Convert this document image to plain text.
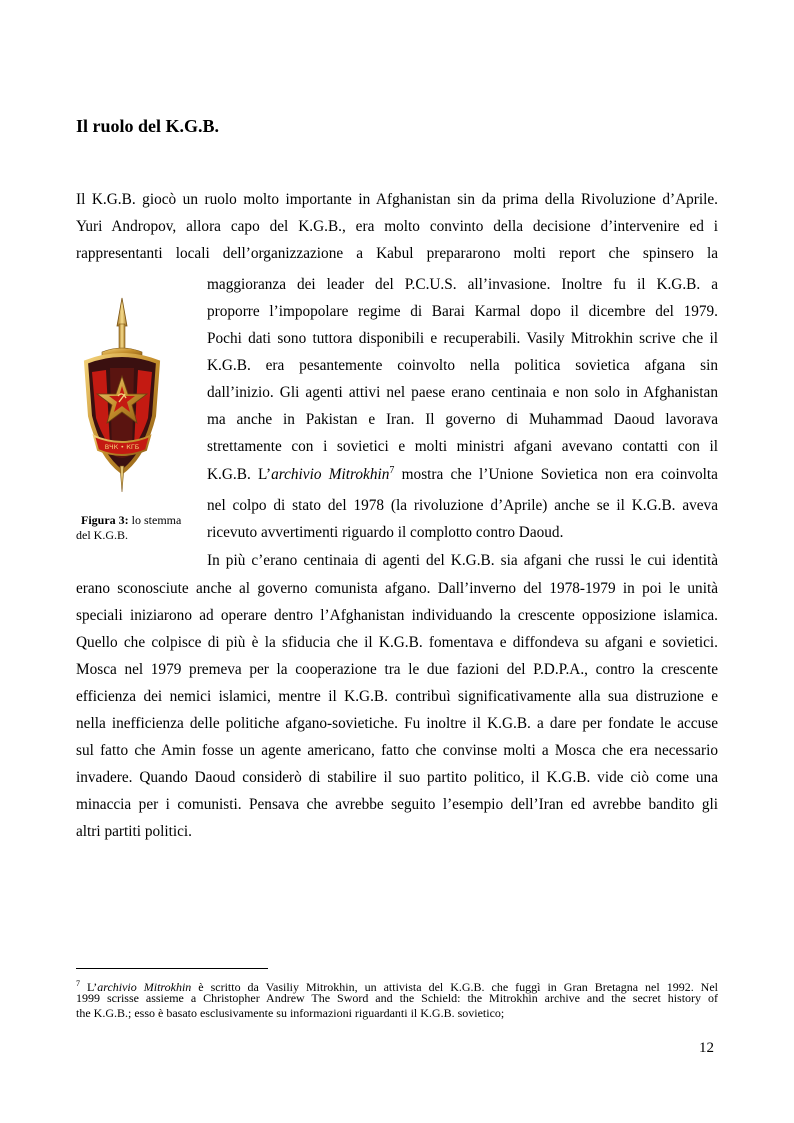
Il ruolo del K.G.B.
Il K.G.B. giocò un ruolo molto importante in Afghanistan sin da prima della Rivoluzione d’Aprile.
Yuri Andropov, allora capo del K.G.B., era molto convinto della decisione d’intervenire ed i
rappresentanti locali dell’organizzazione a Kabul prepararono molti report che spinsero la
maggioranza dei leader del P.C.U.S. all’invasione. Inoltre fu il K.G.B. a
proporre l’impopolare regime di Barai Karmal dopo il dicembre del 1979.
Pochi dati sono tuttora disponibili e recuperabili. Vasily Mitrokhin scrive che il
K.G.B. era pesantemente coinvolto nella politica sovietica afgana sin
dall’inizio. Gli agenti attivi nel paese erano centinaia e non solo in Afghanistan
ma anche in Pakistan e Iran. Il governo di Muhammad Daoud lavorava
strettamente con i sovietici e molti ministri afgani avevano contatti con il
K.G.B. L’archivio Mitrokhin$^7$ mostra che l’Unione Sovietica non era coinvolta
nel colpo di stato del 1978 (la rivoluzione d’Aprile) anche se il K.G.B. aveva
ricevuto avvertimenti riguardo il complotto contro Daoud.
ВЧК • КГБ
Figura 3: lo stemma
del K.G.B.
In più c’erano centinaia di agenti del K.G.B. sia afgani che russi le cui identità
erano sconosciute anche al governo comunista afgano. Dall’inverno del 1978-1979 in poi le unità
speciali iniziarono ad operare dentro l’Afghanistan individuando la crescente opposizione islamica.
Quello che colpisce di più è la sfiducia che il K.G.B. fomentava e diffondeva su afgani e sovietici.
Mosca nel 1979 premeva per la cooperazione tra le due fazioni del P.D.P.A., contro la crescente
efficienza dei nemici islamici, mentre il K.G.B. contribuì significativamente alla sua distruzione e
nella inefficienza delle politiche afgano-sovietiche. Fu inoltre il K.G.B. a dare per fondate le accuse
sul fatto che Amin fosse un agente americano, fatto che convinse molti a Mosca che era necessario
invadere. Quando Daoud considerò di stabilire il suo partito politico, il K.G.B. vide ciò come una
minaccia per i comunisti. Pensava che avrebbe seguito l’esempio dell’Iran ed avrebbe bandito gli
altri partiti politici.
$^7$ L’archivio Mitrokhin è scritto da Vasiliy Mitrokhin, un attivista del K.G.B. che fuggì in Gran Bretagna nel 1992. Nel
1999 scrisse assieme a Christopher Andrew The Sword and the Schield: the Mitrokhin archive and the secret history of
the K.G.B.; esso è basato esclusivamente su informazioni riguardanti il K.G.B. sovietico;
12
